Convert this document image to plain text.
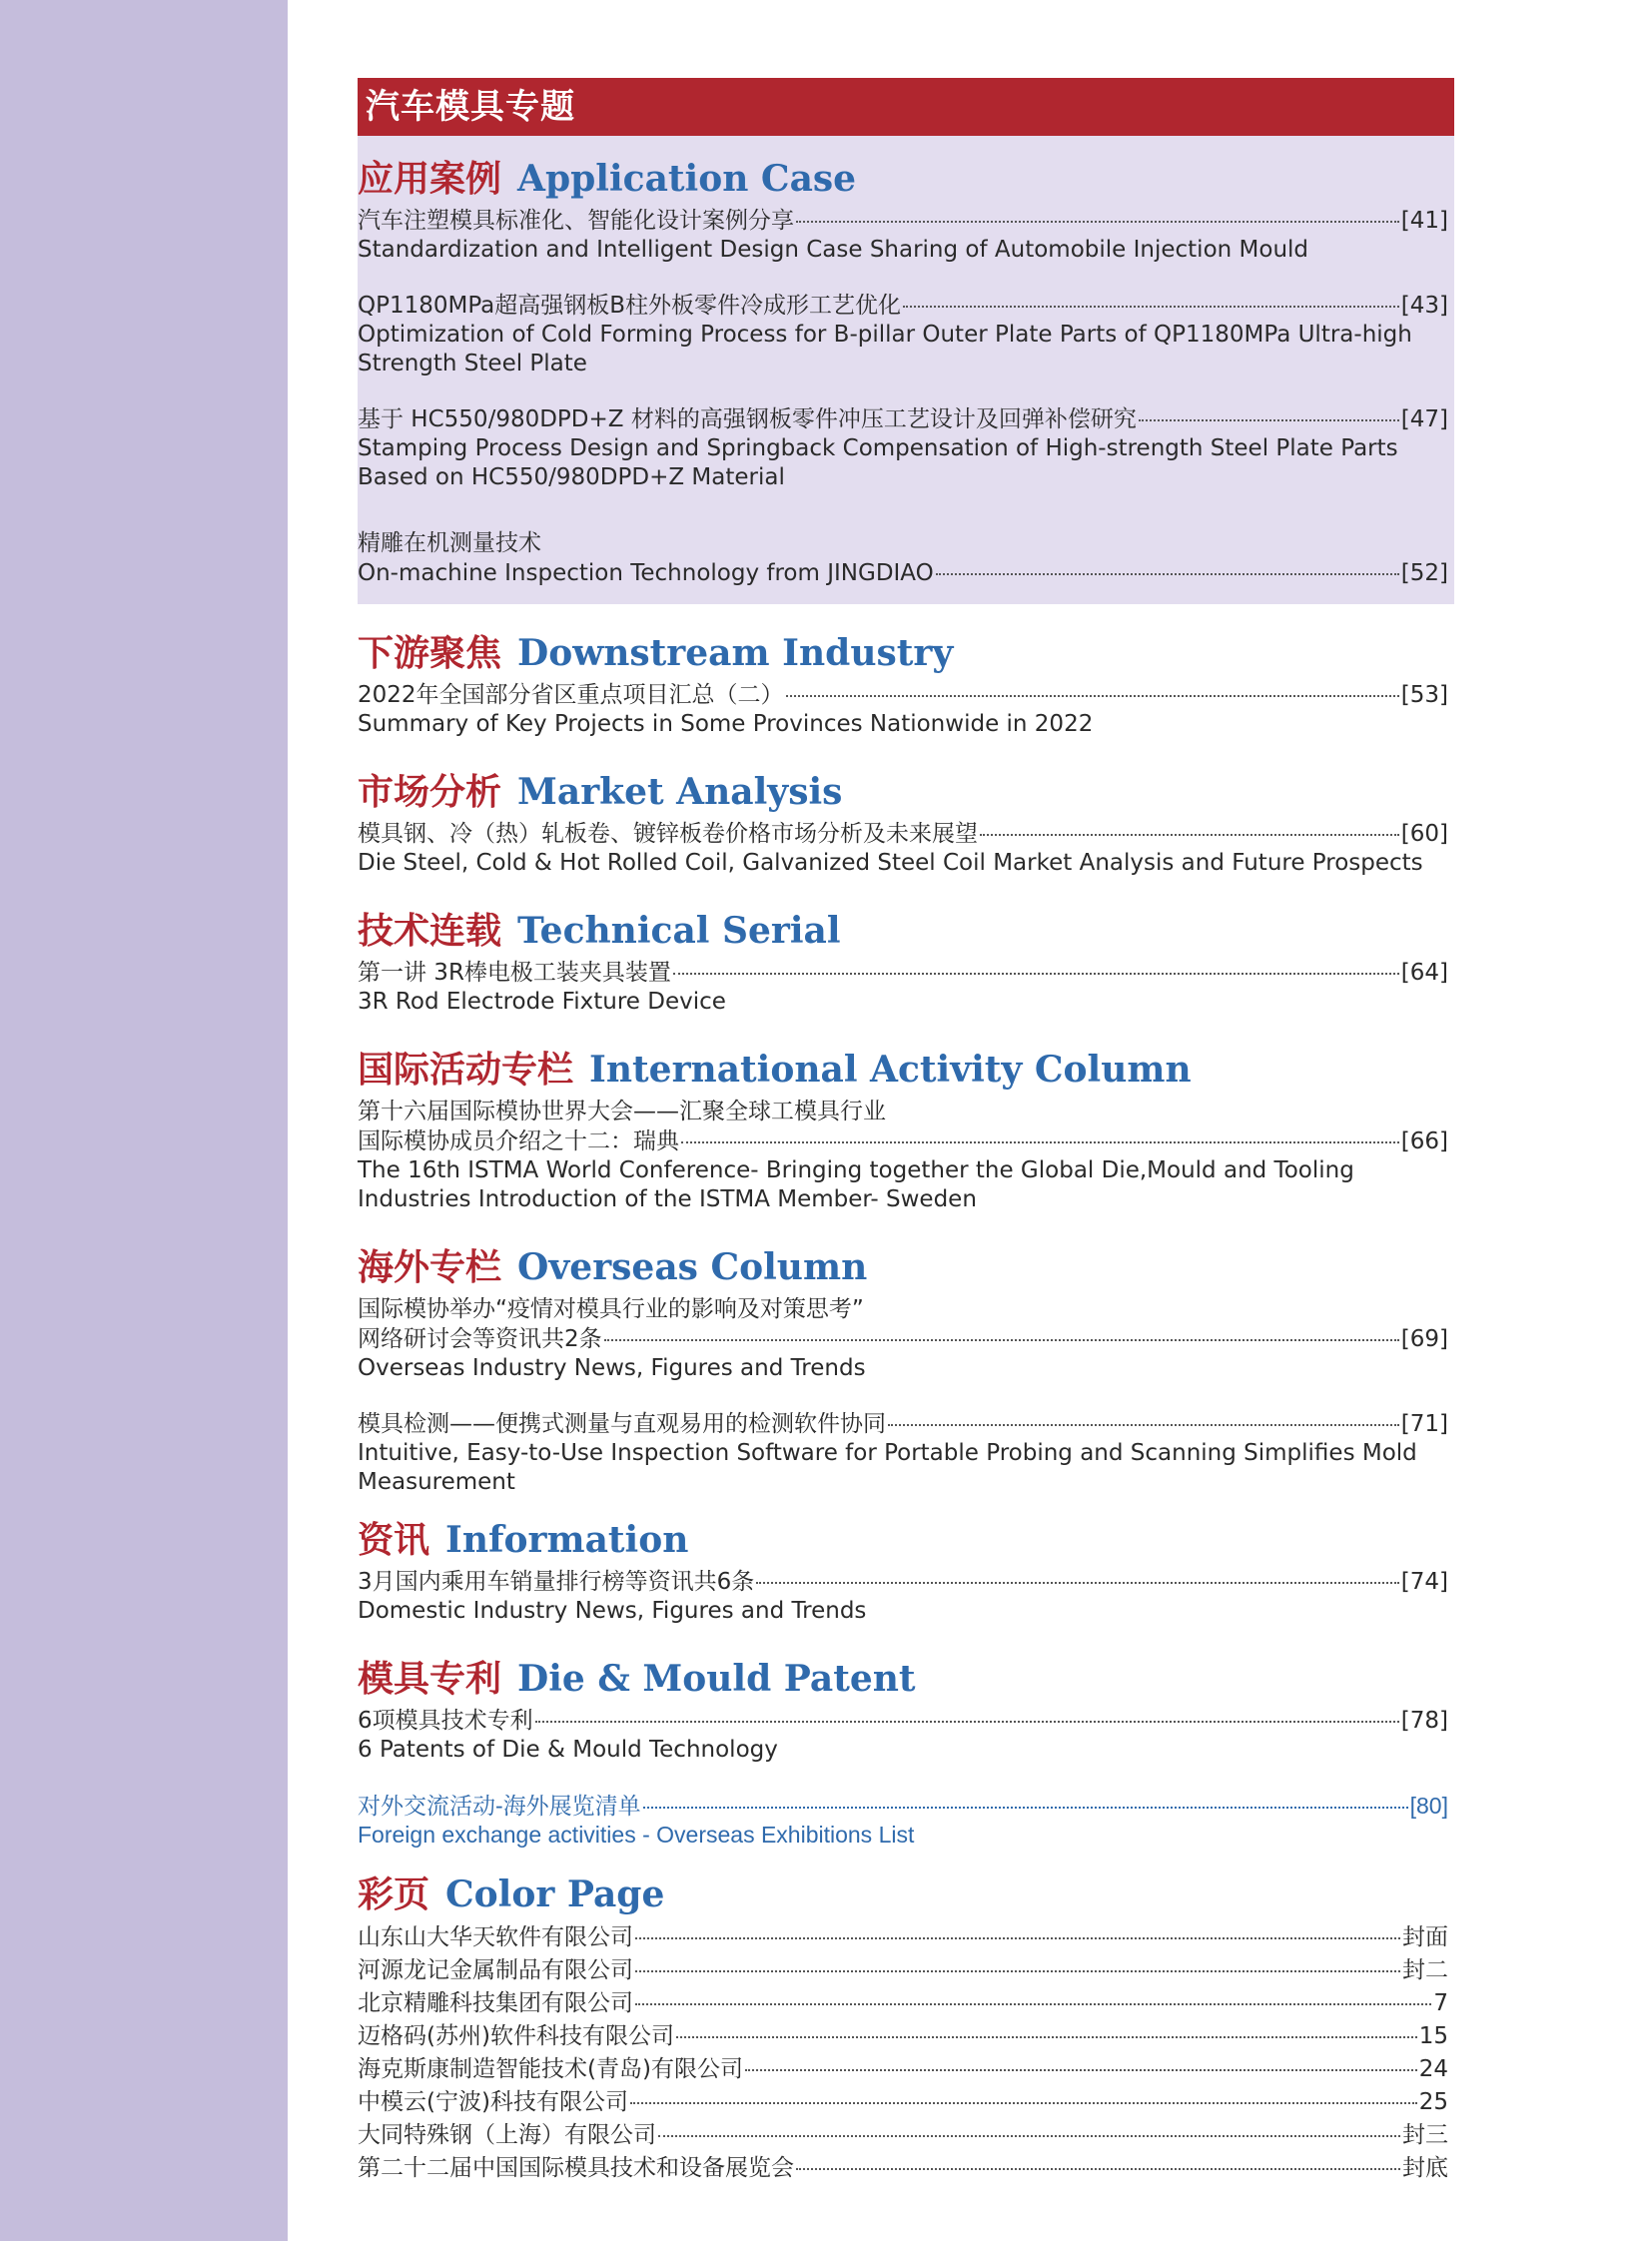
汽车模具专题
应用案例 Application Case
汽车注塑模具标准化、智能化设计案例分享	[41]
Standardization and Intelligent Design Case Sharing of Automobile Injection Mould
QP1180MPa超高强钢板B柱外板零件冷成形工艺优化	[43]
Optimization of Cold Forming Process for B-pillar Outer Plate Parts of QP1180MPa Ultra-high Strength Steel Plate
基于 HC550/980DPD+Z 材料的高强钢板零件冲压工艺设计及回弹补偿研究	[47]
Stamping Process Design and Springback Compensation of High-strength Steel Plate Parts Based on HC550/980DPD+Z Material
精雕在机测量技术
On-machine Inspection Technology from JINGDIAO	[52]
下游聚焦 Downstream Industry
2022年全国部分省区重点项目汇总（二）	[53]
Summary of Key Projects in Some Provinces Nationwide in 2022
市场分析 Market Analysis
模具钢、冷（热）轧板卷、镀锌板卷价格市场分析及未来展望	[60]
Die Steel, Cold & Hot Rolled Coil, Galvanized Steel Coil Market Analysis and Future Prospects
技术连载 Technical Serial
第一讲 3R棒电极工装夹具装置	[64]
3R Rod Electrode Fixture Device
国际活动专栏 International Activity Column
第十六届国际模协世界大会——汇聚全球工模具行业
国际模协成员介绍之十二：瑞典	[66]
The 16th ISTMA World Conference- Bringing together the Global Die,Mould and Tooling Industries Introduction of the ISTMA Member- Sweden
海外专栏 Overseas Column
国际模协举办“疫情对模具行业的影响及对策思考”
网络研讨会等资讯共2条	[69]
Overseas Industry News, Figures and Trends
模具检测——便携式测量与直观易用的检测软件协同	[71]
Intuitive, Easy-to-Use Inspection Software for Portable Probing and Scanning Simplifies Mold Measurement
资讯 Information
3月国内乘用车销量排行榜等资讯共6条	[74]
Domestic Industry News, Figures and Trends
模具专利 Die & Mould Patent
6项模具技术专利	[78]
6 Patents of Die & Mould Technology
对外交流活动-海外展览清单	[80]
Foreign exchange activities - Overseas Exhibitions List
彩页 Color Page
山东山大华天软件有限公司	封面
河源龙记金属制品有限公司	封二
北京精雕科技集团有限公司	7
迈格码(苏州)软件科技有限公司	15
海克斯康制造智能技术(青岛)有限公司	24
中模云(宁波)科技有限公司	25
大同特殊钢（上海）有限公司	封三
第二十二届中国国际模具技术和设备展览会	封底
